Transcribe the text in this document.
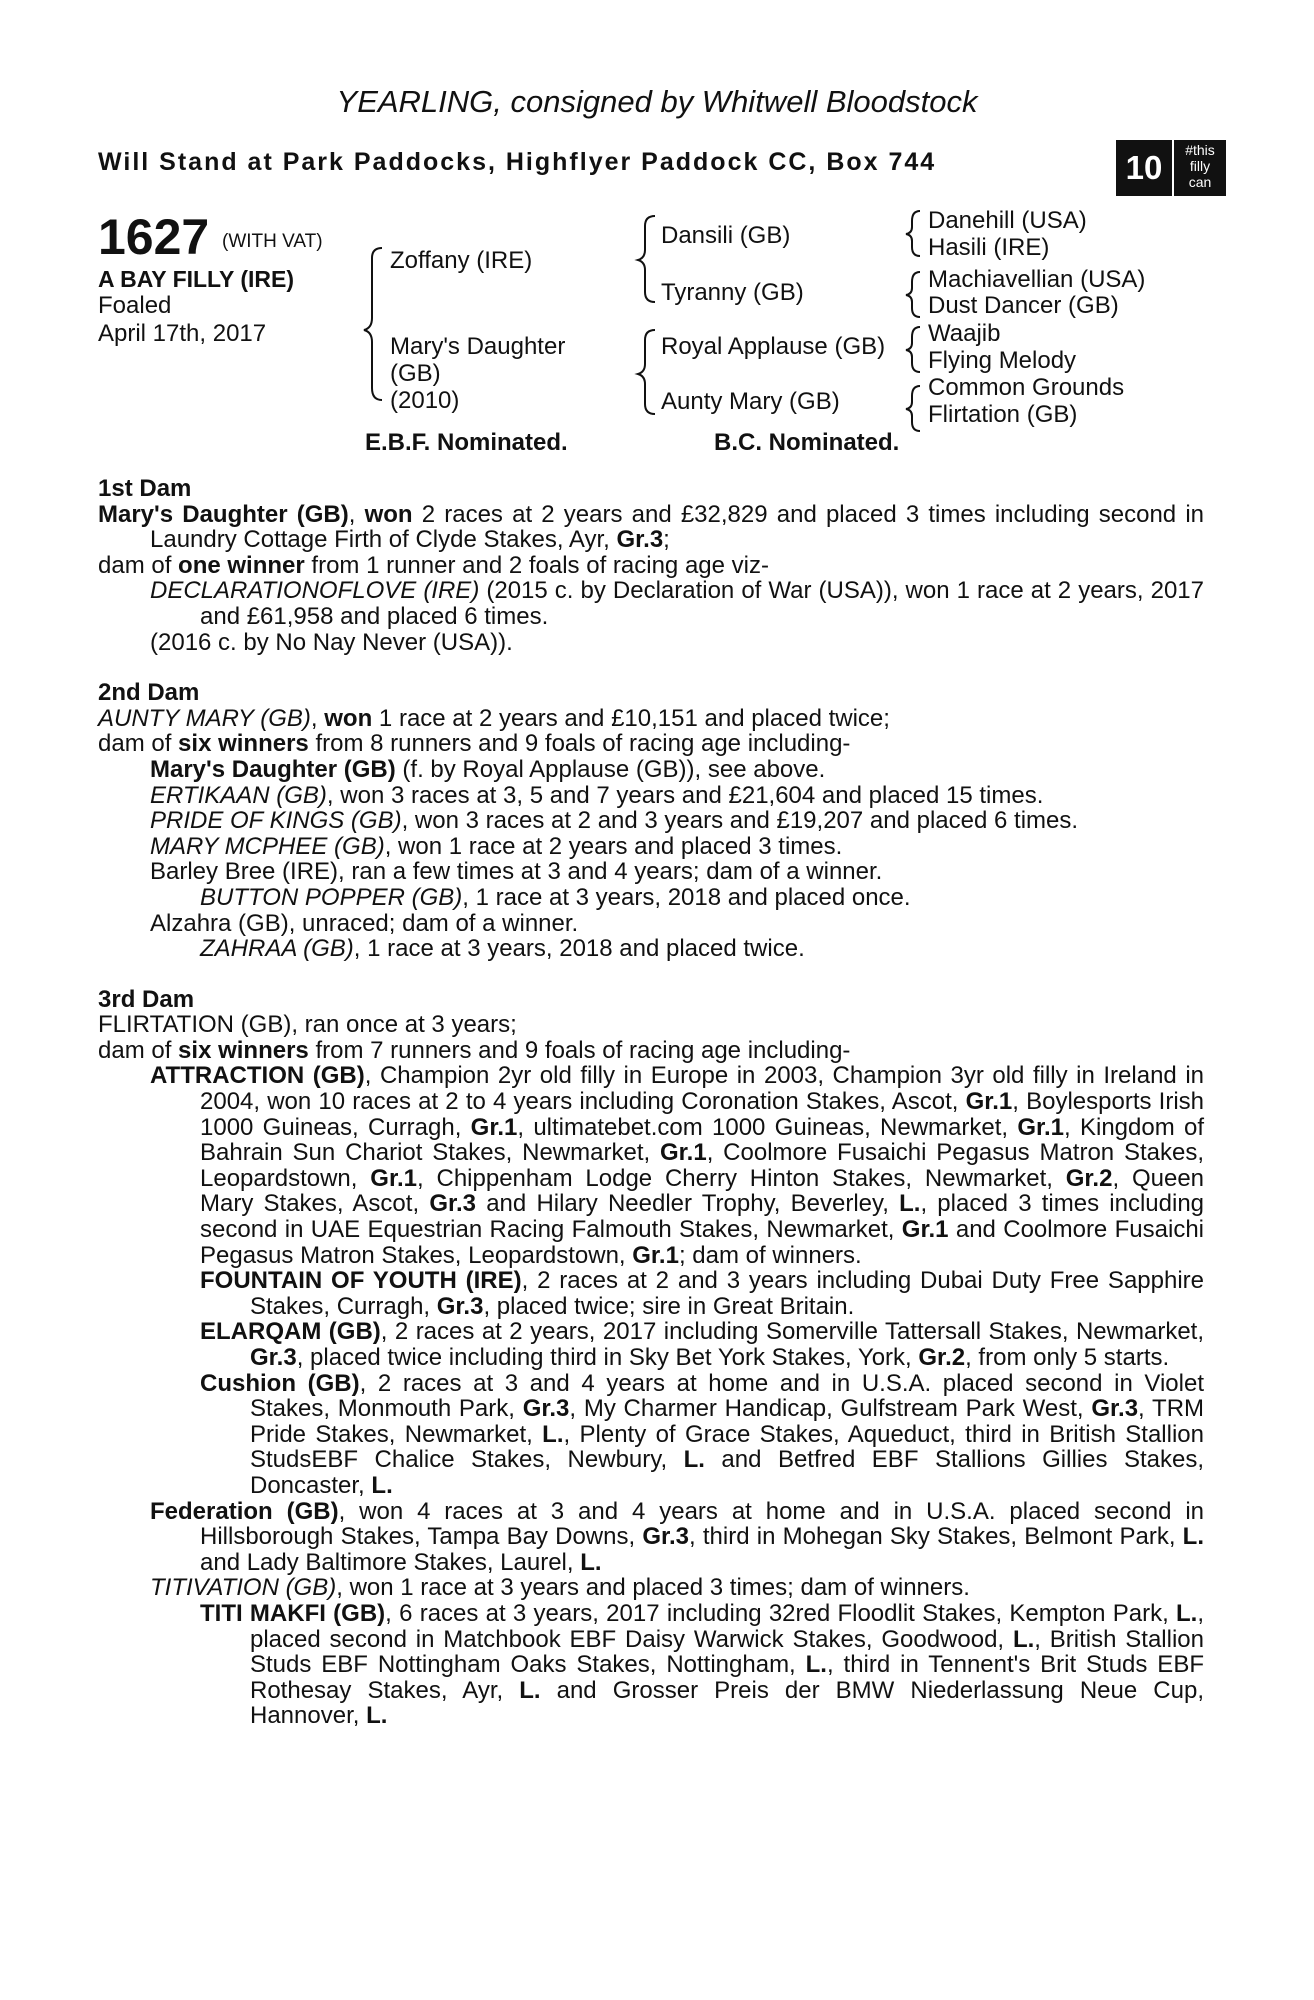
YEARLING, consigned by Whitwell Bloodstock
Will Stand at Park Paddocks, Highflyer Paddock CC, Box 744	10	#this
filly
can
1627 (WITH VAT)
A BAY FILLY (IRE)
Foaled
April 17th, 2017
Zoffany (IRE)
Mary's Daughter
(GB)
(2010)
Dansili (GB)
Tyranny (GB)
Royal Applause (GB)
Aunty Mary (GB)
Danehill (USA)
Hasili (IRE)
Machiavellian (USA)
Dust Dancer (GB)
Waajib
Flying Melody
Common Grounds
Flirtation (GB)
E.B.F. Nominated.	B.C. Nominated.
1st Dam
Mary's Daughter (GB), won 2 races at 2 years and £32,829 and placed 3 times including second in Laundry Cottage Firth of Clyde Stakes, Ayr, Gr.3;
dam of one winner from 1 runner and 2 foals of racing age viz-
DECLARATIONOFLOVE (IRE) (2015 c. by Declaration of War (USA)), won 1 race at 2 years, 2017 and £61,958 and placed 6 times.
(2016 c. by No Nay Never (USA)).
2nd Dam
AUNTY MARY (GB), won 1 race at 2 years and £10,151 and placed twice;
dam of six winners from 8 runners and 9 foals of racing age including-
Mary's Daughter (GB) (f. by Royal Applause (GB)), see above.
ERTIKAAN (GB), won 3 races at 3, 5 and 7 years and £21,604 and placed 15 times.
PRIDE OF KINGS (GB), won 3 races at 2 and 3 years and £19,207 and placed 6 times.
MARY MCPHEE (GB), won 1 race at 2 years and placed 3 times.
Barley Bree (IRE), ran a few times at 3 and 4 years; dam of a winner.
BUTTON POPPER (GB), 1 race at 3 years, 2018 and placed once.
Alzahra (GB), unraced; dam of a winner.
ZAHRAA (GB), 1 race at 3 years, 2018 and placed twice.
3rd Dam
FLIRTATION (GB), ran once at 3 years;
dam of six winners from 7 runners and 9 foals of racing age including-
ATTRACTION (GB), Champion 2yr old filly in Europe in 2003, Champion 3yr old filly in Ireland in 2004, won 10 races at 2 to 4 years including Coronation Stakes, Ascot, Gr.1, Boylesports Irish 1000 Guineas, Curragh, Gr.1, ultimatebet.com 1000 Guineas, Newmarket, Gr.1, Kingdom of Bahrain Sun Chariot Stakes, Newmarket, Gr.1, Coolmore Fusaichi Pegasus Matron Stakes, Leopardstown, Gr.1, Chippenham Lodge Cherry Hinton Stakes, Newmarket, Gr.2, Queen Mary Stakes, Ascot, Gr.3 and Hilary Needler Trophy, Beverley, L., placed 3 times including second in UAE Equestrian Racing Falmouth Stakes, Newmarket, Gr.1 and Coolmore Fusaichi Pegasus Matron Stakes, Leopardstown, Gr.1; dam of winners.
FOUNTAIN OF YOUTH (IRE), 2 races at 2 and 3 years including Dubai Duty Free Sapphire Stakes, Curragh, Gr.3, placed twice; sire in Great Britain.
ELARQAM (GB), 2 races at 2 years, 2017 including Somerville Tattersall Stakes, Newmarket, Gr.3, placed twice including third in Sky Bet York Stakes, York, Gr.2, from only 5 starts.
Cushion (GB), 2 races at 3 and 4 years at home and in U.S.A. placed second in Violet Stakes, Monmouth Park, Gr.3, My Charmer Handicap, Gulfstream Park West, Gr.3, TRM Pride Stakes, Newmarket, L., Plenty of Grace Stakes, Aqueduct, third in British Stallion StudsEBF Chalice Stakes, Newbury, L. and Betfred EBF Stallions Gillies Stakes, Doncaster, L.
Federation (GB), won 4 races at 3 and 4 years at home and in U.S.A. placed second in Hillsborough Stakes, Tampa Bay Downs, Gr.3, third in Mohegan Sky Stakes, Belmont Park, L. and Lady Baltimore Stakes, Laurel, L.
TITIVATION (GB), won 1 race at 3 years and placed 3 times; dam of winners.
TITI MAKFI (GB), 6 races at 3 years, 2017 including 32red Floodlit Stakes, Kempton Park, L., placed second in Matchbook EBF Daisy Warwick Stakes, Goodwood, L., British Stallion Studs EBF Nottingham Oaks Stakes, Nottingham, L., third in Tennent's Brit Studs EBF Rothesay Stakes, Ayr, L. and Grosser Preis der BMW Niederlassung Neue Cup, Hannover, L.
